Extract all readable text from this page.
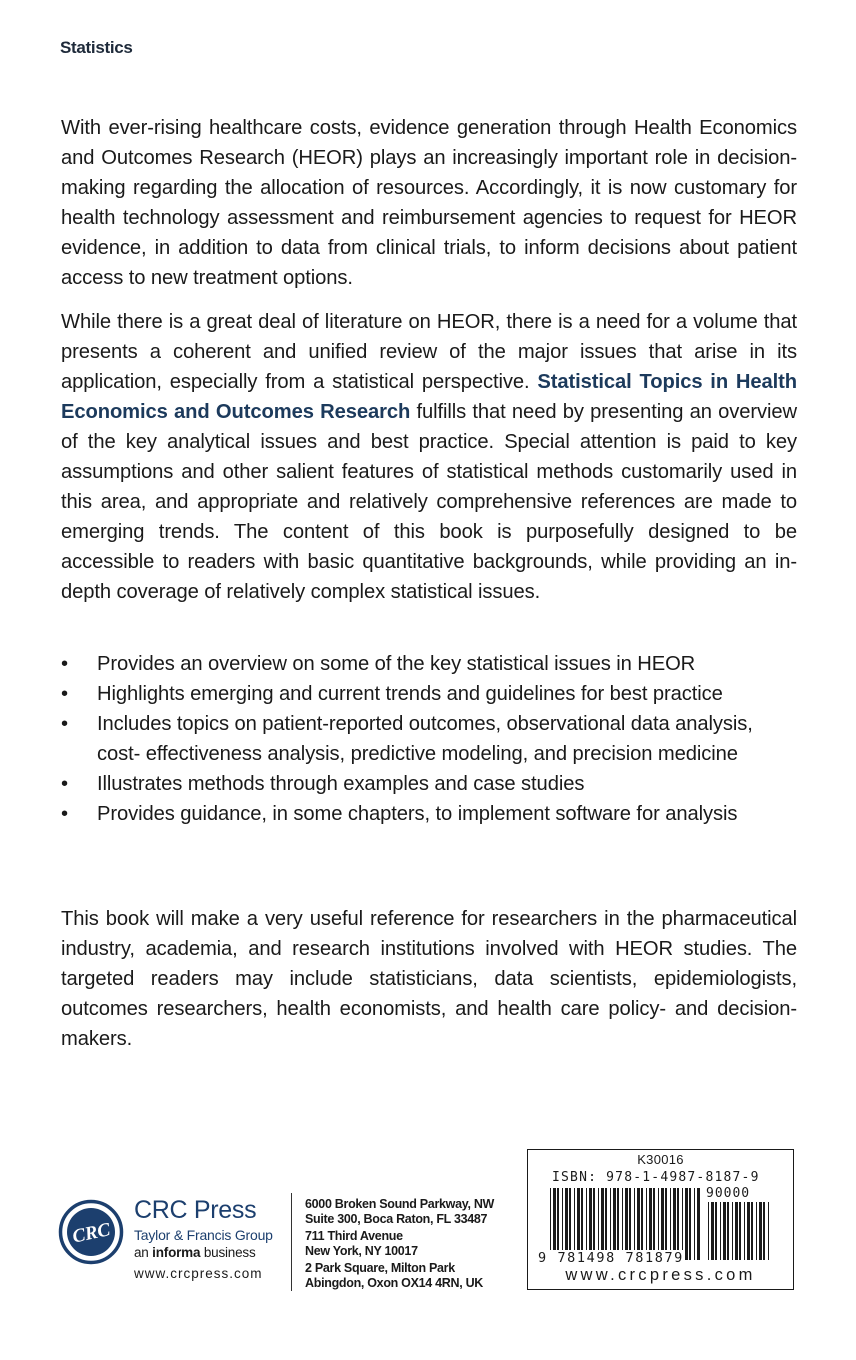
Statistics

With ever-rising healthcare costs, evidence generation through Health Economics and Outcomes Research (HEOR) plays an increasingly important role in decision-making regarding the allocation of resources. Accordingly, it is now customary for health technology assessment and reimbursement agencies to request for HEOR evidence, in addition to data from clinical trials, to inform decisions about patient access to new treatment options.

While there is a great deal of literature on HEOR, there is a need for a volume that presents a coherent and unified review of the major issues that arise in its application, especially from a statistical perspective. Statistical Topics in Health Economics and Outcomes Research fulfills that need by presenting an overview of the key analytical issues and best practice. Special attention is paid to key assumptions and other salient features of statistical methods customarily used in this area, and appropriate and relatively comprehensive references are made to emerging trends. The content of this book is purposefully designed to be accessible to readers with basic quantitative backgrounds, while providing an in-depth coverage of relatively complex statistical issues.

•	Provides an overview on some of the key statistical issues in HEOR
•	Highlights emerging and current trends and guidelines for best practice
•	Includes topics on patient-reported outcomes, observational data analysis, cost- effectiveness analysis, predictive modeling, and precision medicine
•	Illustrates methods through examples and case studies
•	Provides guidance, in some chapters, to implement software for analysis

This book will make a very useful reference for researchers in the pharmaceutical industry, academia, and research institutions involved with HEOR studies. The targeted readers may include statisticians, data scientists, epidemiologists, outcomes researchers, health economists, and health care policy- and decision-makers.

CRC
CRC Press
Taylor & Francis Group
an informa business
www.crcpress.com
6000 Broken Sound Parkway, NW
Suite 300, Boca Raton, FL 33487
711 Third Avenue
New York, NY 10017
2 Park Square, Milton Park
Abingdon, Oxon OX14 4RN, UK
K30016
ISBN: 978-1-4987-8187-9
90000
9 781498 781879
www.crcpress.com
